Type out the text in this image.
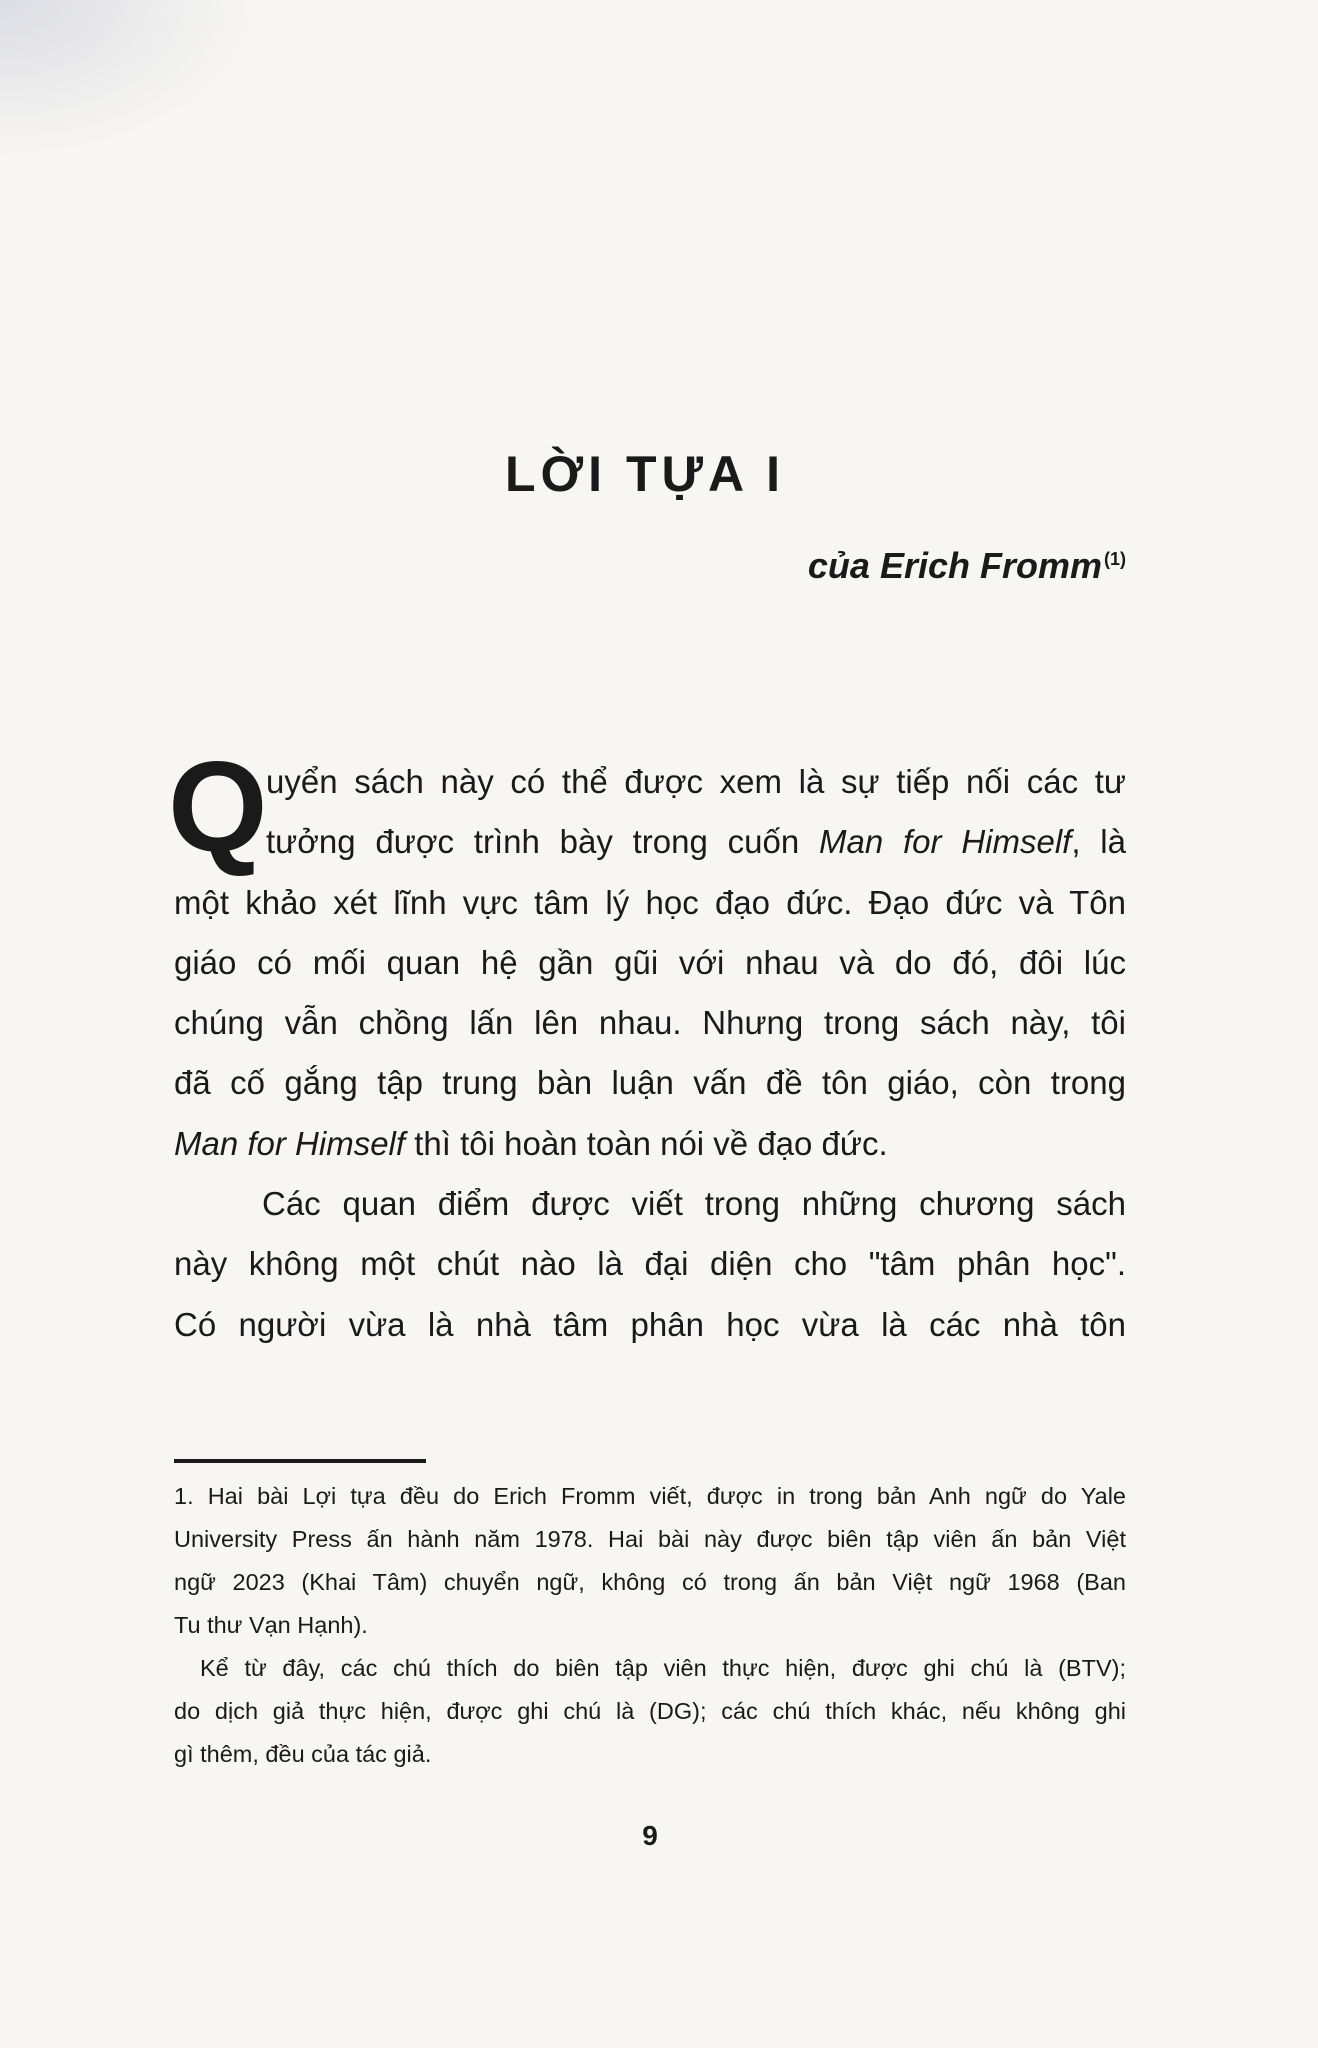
LỜI TỰA I
của Erich Fromm $^{(1)}$
Q
uyển sách này có thể được xem là sự tiếp nối các tư
tưởng được trình bày trong cuốn Man for Himself, là
một khảo xét lĩnh vực tâm lý học đạo đức. Đạo đức và Tôn
giáo có mối quan hệ gần gũi với nhau và do đó, đôi lúc
chúng vẫn chồng lấn lên nhau. Nhưng trong sách này, tôi
đã cố gắng tập trung bàn luận vấn đề tôn giáo, còn trong
Man for Himself thì tôi hoàn toàn nói về đạo đức.
Các quan điểm được viết trong những chương sách
này không một chút nào là đại diện cho "tâm phân học".
Có người vừa là nhà tâm phân học vừa là các nhà tôn
1. Hai bài Lợi tựa đều do Erich Fromm viết, được in trong bản Anh ngữ do Yale
University Press ấn hành năm 1978. Hai bài này được biên tập viên ấn bản Việt
ngữ 2023 (Khai Tâm) chuyển ngữ, không có trong ấn bản Việt ngữ 1968 (Ban
Tu thư Vạn Hạnh).
Kể từ đây, các chú thích do biên tập viên thực hiện, được ghi chú là (BTV);
do dịch giả thực hiện, được ghi chú là (DG); các chú thích khác, nếu không ghi
gì thêm, đều của tác giả.
9
